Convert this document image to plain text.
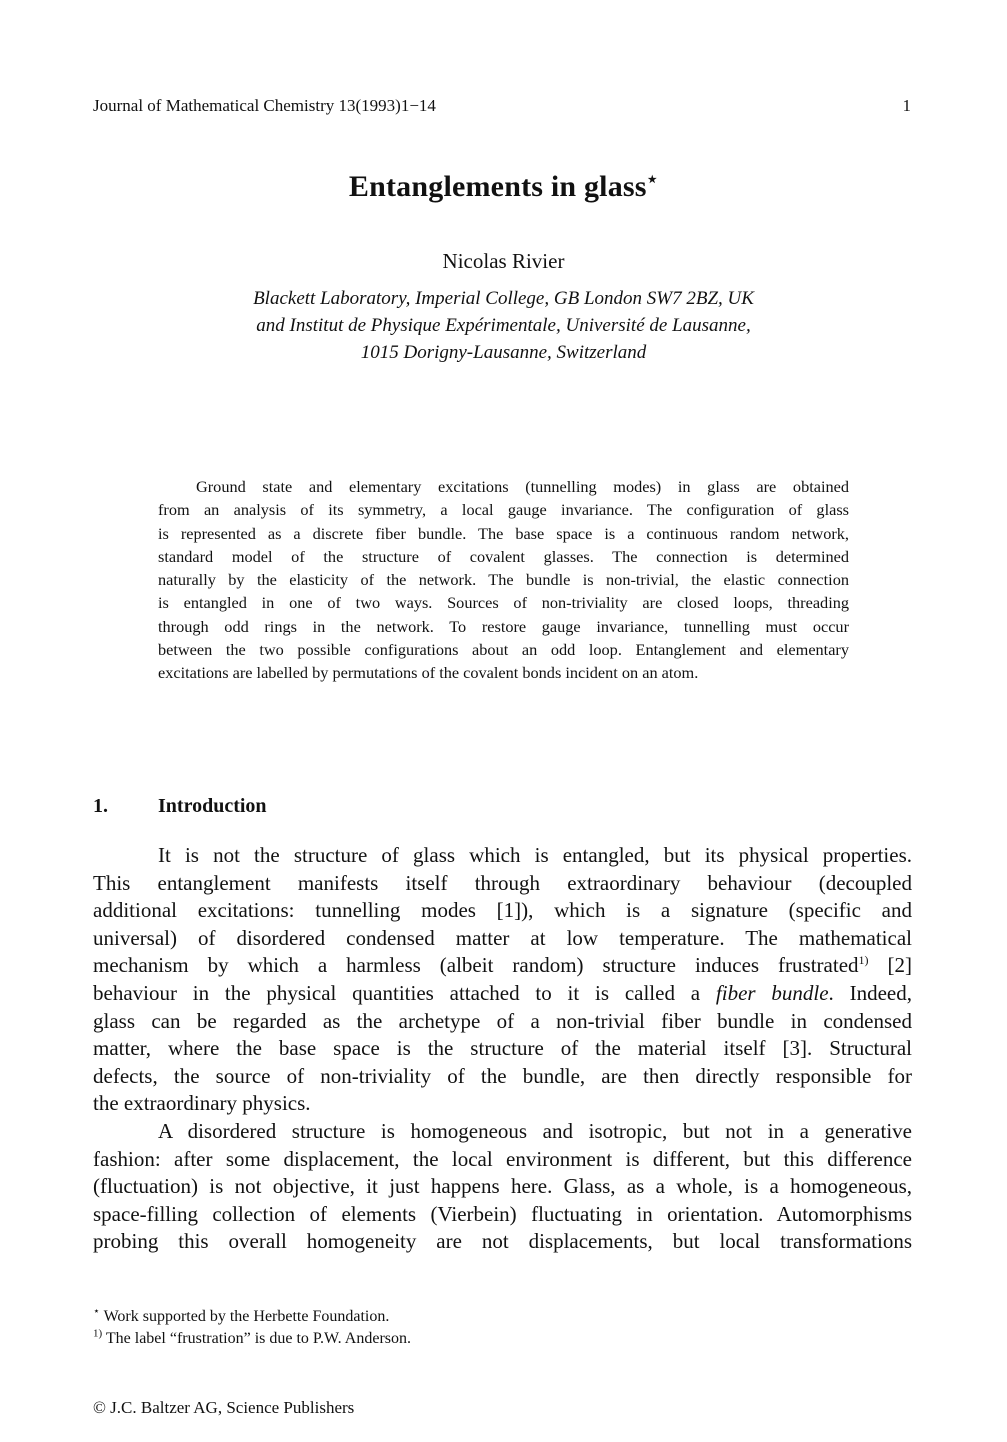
Journal of Mathematical Chemistry 13(1993)1−14	1
Entanglements in glass⋆
Nicolas Rivier
Blackett Laboratory, Imperial College, GB London SW7 2BZ, UK
and Institut de Physique Expérimentale, Université de Lausanne,
1015 Dorigny-Lausanne, Switzerland
Ground state and elementary excitations (tunnelling modes) in glass are obtained
from an analysis of its symmetry, a local gauge invariance. The configuration of glass
is represented as a discrete fiber bundle. The base space is a continuous random network,
standard model of the structure of covalent glasses. The connection is determined
naturally by the elasticity of the network. The bundle is non-trivial, the elastic connection
is entangled in one of two ways. Sources of non-triviality are closed loops, threading
through odd rings in the network. To restore gauge invariance, tunnelling must occur
between the two possible configurations about an odd loop. Entanglement and elementary
excitations are labelled by permutations of the covalent bonds incident on an atom.
1.	Introduction
It is not the structure of glass which is entangled, but its physical properties.
This entanglement manifests itself through extraordinary behaviour (decoupled
additional excitations: tunnelling modes [1]), which is a signature (specific and
universal) of disordered condensed matter at low temperature. The mathematical
mechanism by which a harmless (albeit random) structure induces frustrated$^{1)}$ [2]
behaviour in the physical quantities attached to it is called a fiber bundle. Indeed,
glass can be regarded as the archetype of a non-trivial fiber bundle in condensed
matter, where the base space is the structure of the material itself [3]. Structural
defects, the source of non-triviality of the bundle, are then directly responsible for
the extraordinary physics.
A disordered structure is homogeneous and isotropic, but not in a generative
fashion: after some displacement, the local environment is different, but this difference
(fluctuation) is not objective, it just happens here. Glass, as a whole, is a homogeneous,
space-filling collection of elements (Vierbein) fluctuating in orientation. Automorphisms
probing this overall homogeneity are not displacements, but local transformations
⋆ Work supported by the Herbette Foundation.
$^{1)}$ The label “frustration” is due to P.W. Anderson.
© J.C. Baltzer AG, Science Publishers
